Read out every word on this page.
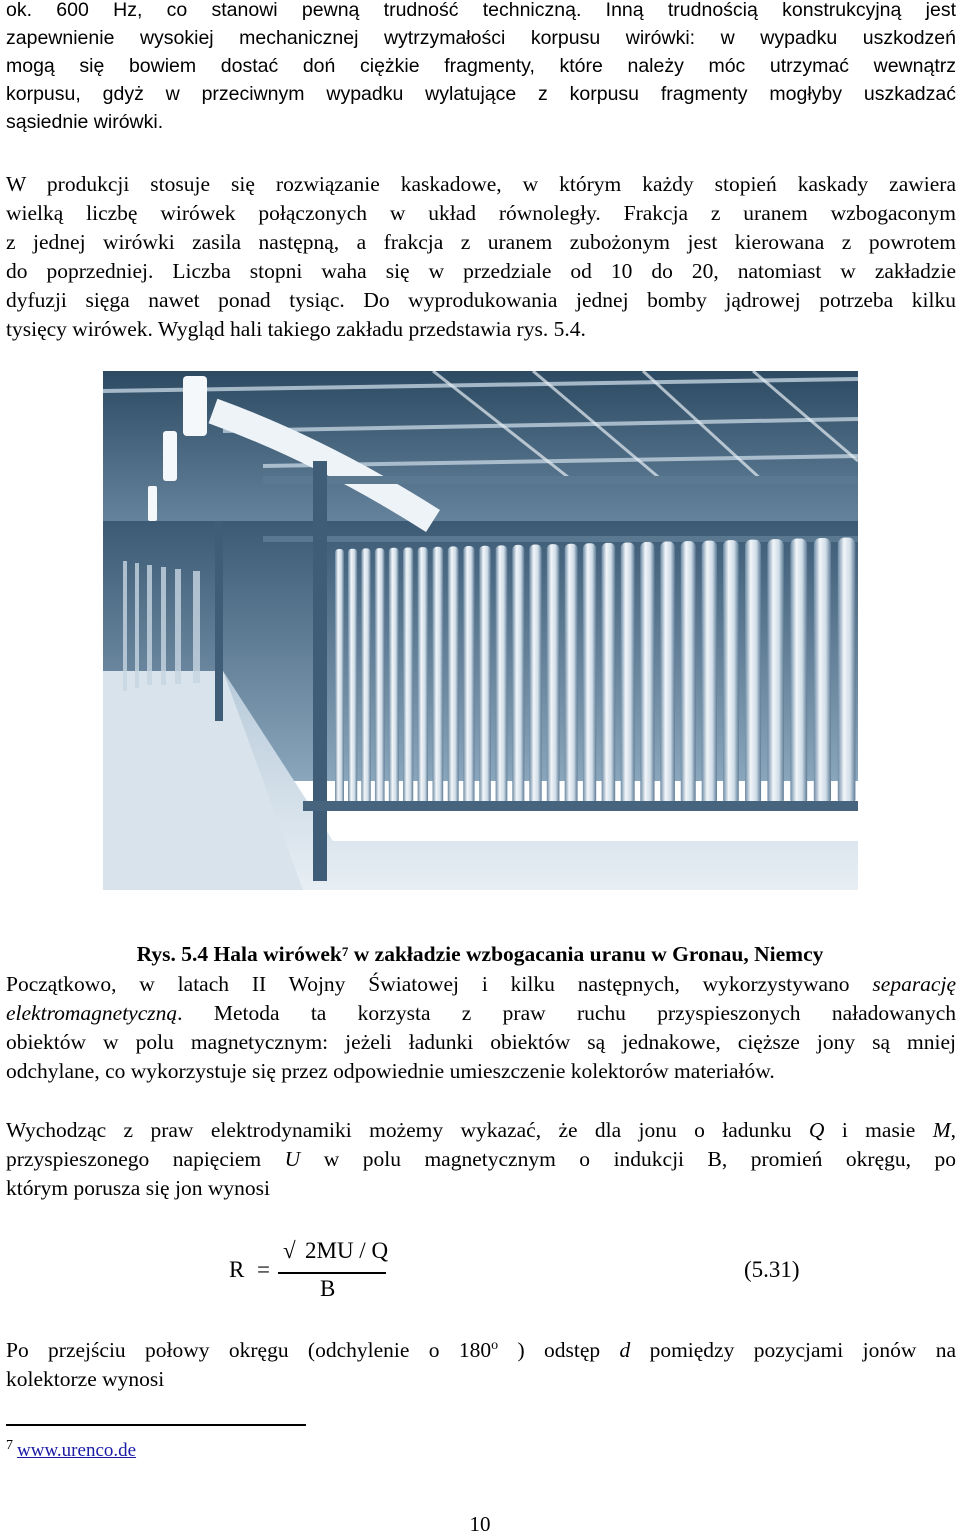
ok. 600 Hz, co stanowi pewną trudność techniczną. Inną trudnością konstrukcyjną jest
zapewnienie wysokiej mechanicznej wytrzymałości korpusu wirówki: w wypadku uszkodzeń
mogą się bowiem dostać doń ciężkie fragmenty, które należy móc utrzymać wewnątrz
korpusu, gdyż w przeciwnym wypadku wylatujące z korpusu fragmenty mogłyby uszkadzać
sąsiednie wirówki.
W produkcji stosuje się rozwiązanie kaskadowe, w którym każdy stopień kaskady zawiera
wielką liczbę wirówek połączonych w układ równoległy. Frakcja z uranem wzbogaconym
z jednej wirówki zasila następną, a frakcja z uranem zubożonym jest kierowana z powrotem
do poprzedniej. Liczba stopni waha się w przedziale od 10 do 20, natomiast w zakładzie
dyfuzji sięga nawet ponad tysiąc. Do wyprodukowania jednej bomby jądrowej potrzeba kilku
tysięcy wirówek. Wygląd hali takiego zakładu przedstawia rys. 5.4.
Rys. 5.4 Hala wirówek$^7$ w zakładzie wzbogacania uranu w Gronau, Niemcy
Początkowo, w latach II Wojny Światowej i kilku następnych, wykorzystywano separację
elektromagnetyczną. Metoda ta korzysta z praw ruchu przyspieszonych naładowanych
obiektów w polu magnetycznym: jeżeli ładunki obiektów są jednakowe, cięższe jony są mniej
odchylane, co wykorzystuje się przez odpowiednie umieszczenie kolektorów materiałów.
Wychodząc z praw elektrodynamiki możemy wykazać, że dla jonu o ładunku Q i masie M,
przyspieszonego napięciem U w polu magnetycznym o indukcji B, promień okręgu, po
którym porusza się jon wynosi
R =
√ 2MU / Q
B
(5.31)
Po przejściu połowy okręgu (odchylenie o 180$^o$ ) odstęp d pomiędzy pozycjami jonów na
kolektorze wynosi
$^7$ www.urenco.de
10
